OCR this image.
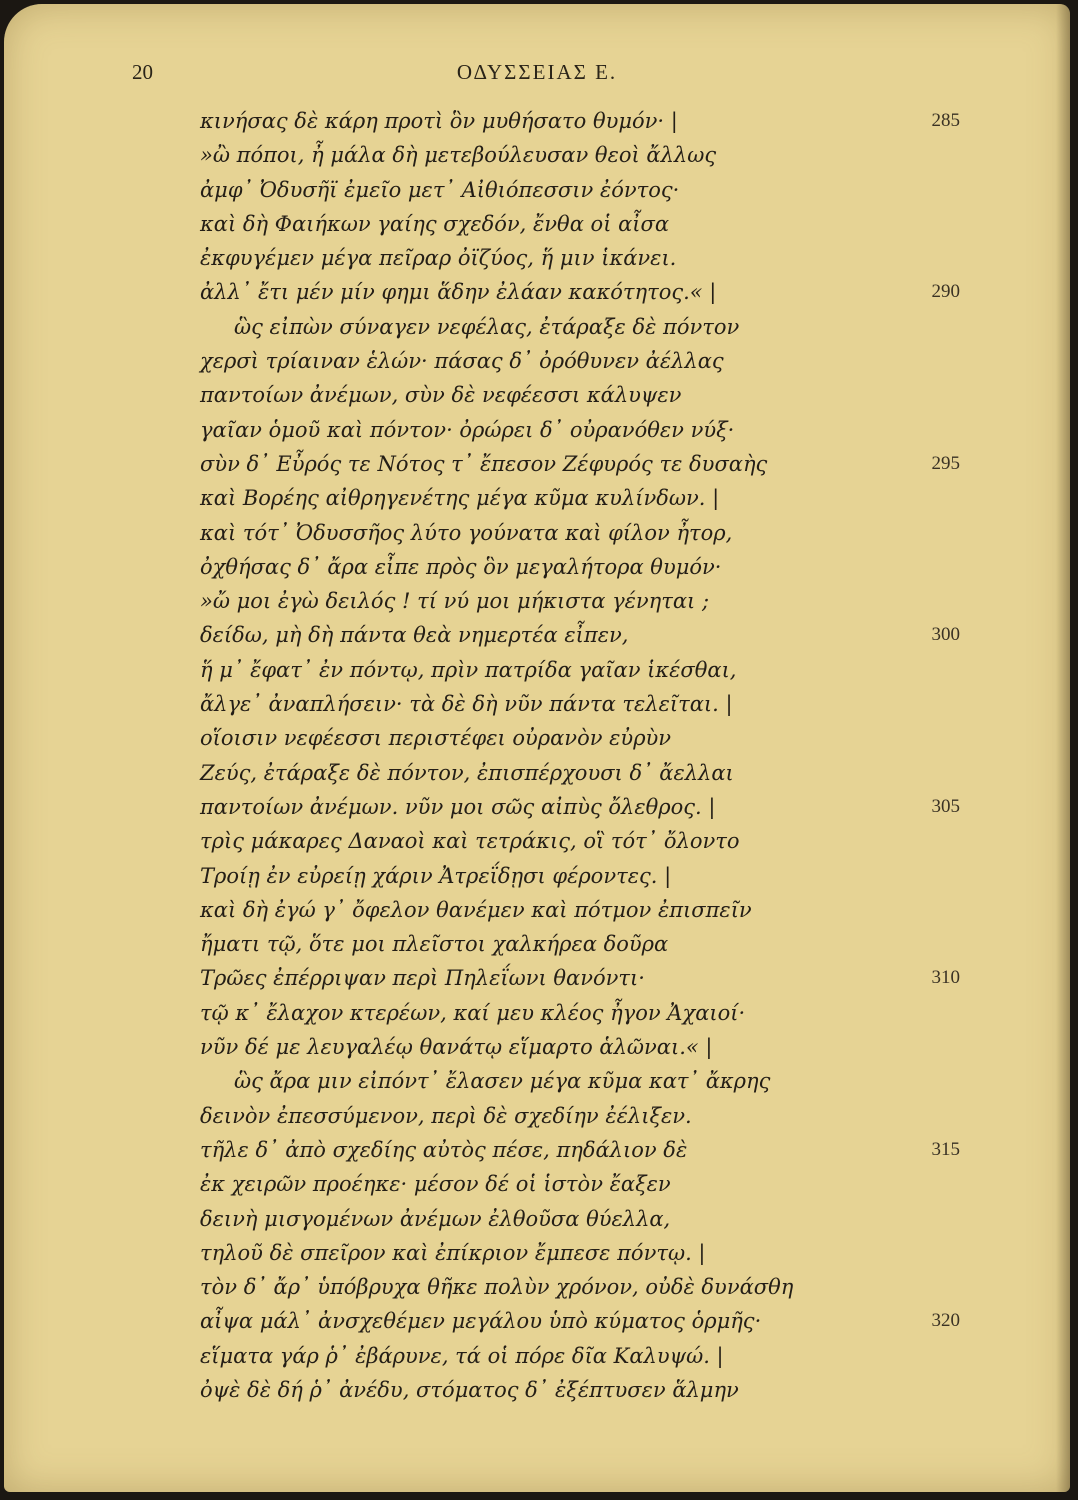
20	ΟΔΥΣΣΕΙΑΣ Ε.
κινήσας δὲ κάρη προτὶ ὃν μυθήσατο θυμόν· |	285
»ὢ πόποι, ἦ μάλα δὴ μετεβούλευσαν θεοὶ ἄλλως
ἀμφ᾽ Ὀδυσῆϊ ἐμεῖο μετ᾽ Αἰθιόπεσσιν ἐόντος·
καὶ δὴ Φαιήκων γαίης σχεδόν, ἔνθα οἱ αἶσα
ἐκφυγέμεν μέγα πεῖραρ ὀϊζύος, ἥ μιν ἱκάνει.
ἀλλ᾽ ἔτι μέν μίν φημι ἅδην ἐλάαν κακότητος.« |	290
ὣς εἰπὼν σύναγεν νεφέλας, ἐτάραξε δὲ πόντον
χερσὶ τρίαιναν ἑλών· πάσας δ᾽ ὀρόθυνεν ἀέλλας
παντοίων ἀνέμων, σὺν δὲ νεφέεσσι κάλυψεν
γαῖαν ὁμοῦ καὶ πόντον· ὀρώρει δ᾽ οὐρανόθεν νύξ·
σὺν δ᾽ Εὖρός τε Νότος τ᾽ ἔπεσον Ζέφυρός τε δυσαὴς	295
καὶ Βορέης αἰθρηγενέτης μέγα κῦμα κυλίνδων. |
καὶ τότ᾽ Ὀδυσσῆος λύτο γούνατα καὶ φίλον ἦτορ,
ὀχθήσας δ᾽ ἄρα εἶπε πρὸς ὃν μεγαλήτορα θυμόν·
»ὤ μοι ἐγὼ δειλός ! τί νύ μοι μήκιστα γένηται ;
δείδω, μὴ δὴ πάντα θεὰ νημερτέα εἶπεν,	300
ἥ μ᾽ ἔφατ᾽ ἐν πόντῳ, πρὶν πατρίδα γαῖαν ἱκέσθαι,
ἄλγε᾽ ἀναπλήσειν· τὰ δὲ δὴ νῦν πάντα τελεῖται. |
οἵοισιν νεφέεσσι περιστέφει οὐρανὸν εὐρὺν
Ζεύς, ἐτάραξε δὲ πόντον, ἐπισπέρχουσι δ᾽ ἄελλαι
παντοίων ἀνέμων. νῦν μοι σῶς αἰπὺς ὄλεθρος. |	305
τρὶς μάκαρες Δαναοὶ καὶ τετράκις, οἳ τότ᾽ ὄλοντο
Τροίῃ ἐν εὐρείῃ χάριν Ἀτρεΐδῃσι φέροντες. |
καὶ δὴ ἐγώ γ᾽ ὄφελον θανέμεν καὶ πότμον ἐπισπεῖν
ἤματι τῷ, ὅτε μοι πλεῖστοι χαλκήρεα δοῦρα
Τρῶες ἐπέρριψαν περὶ Πηλεΐωνι θανόντι·	310
τῷ κ᾽ ἔλαχον κτερέων, καί μευ κλέος ἦγον Ἀχαιοί·
νῦν δέ με λευγαλέῳ θανάτῳ εἵμαρτο ἁλῶναι.« |
ὣς ἄρα μιν εἰπόντ᾽ ἔλασεν μέγα κῦμα κατ᾽ ἄκρης
δεινὸν ἐπεσσύμενον, περὶ δὲ σχεδίην ἐέλιξεν.
τῆλε δ᾽ ἀπὸ σχεδίης αὐτὸς πέσε, πηδάλιον δὲ	315
ἐκ χειρῶν προέηκε· μέσον δέ οἱ ἱστὸν ἔαξεν
δεινὴ μισγομένων ἀνέμων ἐλθοῦσα θύελλα,
τηλοῦ δὲ σπεῖρον καὶ ἐπίκριον ἔμπεσε πόντῳ. |
τὸν δ᾽ ἄρ᾽ ὑπόβρυχα θῆκε πολὺν χρόνον, οὐδὲ δυνάσθη
αἶψα μάλ᾽ ἀνσχεθέμεν μεγάλου ὑπὸ κύματος ὁρμῆς·	320
εἵματα γάρ ῥ᾽ ἐβάρυνε, τά οἱ πόρε δῖα Καλυψώ. |
ὀψὲ δὲ δή ῥ᾽ ἀνέδυ, στόματος δ᾽ ἐξέπτυσεν ἅλμην
